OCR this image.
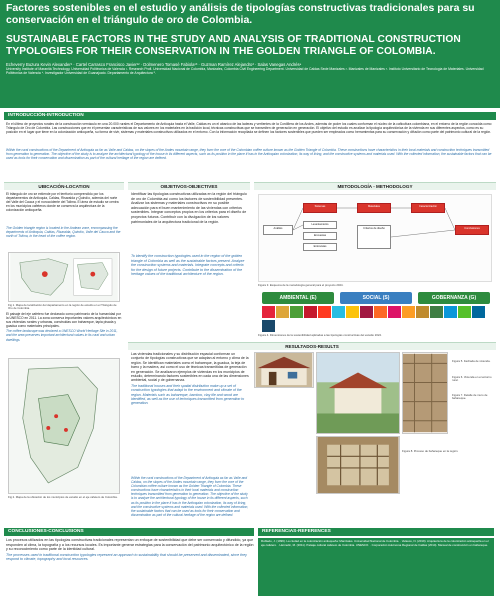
Factores sostenibles en el estudio y análisis de tipologías constructivas tradicionales para su conservación en el triángulo de oro de Colombia.
SUSTAINABLE FACTORS IN THE STUDY AND ANALYSIS OF TRADITIONAL CONSTRUCTION TYPOLOGIES FOR THEIR CONSERVATION IN THE GOLDEN TRIANGLE OF COLOMBIA.
Echeverry Buzura Kevin Alexander¹ · Cartel Carrasco Francisco Javier¹² · Dolmenero Tomasé Fabiola¹³ · Guzman Ramírez Alejandro³ · Salas Vanegas Andrés⁴
University Institute of Maranitá Technology, Universidad Politécnica de Valencia ¹. Research Profl. Universidad Nacional de Colombia, Manizales, Colombia Civil Engineering Department. Universidad de Caldas Sede Manizales ². Manizales de Manizales ³. Instituto Universitario de Tecnología de Materiales. Universidad Politécnica de Valencia ⁴. Investigador Universidad de Guanajuato. Departamento de Arquitectura ⁵.
INTRODUCCIÓN-INTRODUCTION

En el último de proyectos rurales de la construcción vernáculo en una 20.000 rurales el Departamento de Antioquia hasta el Valle, Caldas es un el abanico de las laderas y vertientes de la Cordillera de los Andes, además de poder los cuales conforman el núcleo de la caficultura colombiana, en el entorno de la región conocida como Triángulo de Oro de Colombia. Las construcciones que en él presentan características de sus valores en los materiales en la tradición local, técnicas constructivas que se transmiten de generación en generación. El objetivo del estudio es analizar la tipología arquitectónica de la vivienda en sus diferentes aspectos, como es su posición en el lugar que tiene en la colonización antioqueña, su forma de vivir, sistemas y materiales constructivos utilizados en el entorno. Con la información recopilada se definen los factores sostenibles que pueden ser empleados como herramientas para su conservación y difusión como parte del patrimonio cultural de la región.

Within the rural constructions of the Department of Antioquia as far as Valle and Caldas, on the slopes of the Andes mountain range, they form the core of the Colombian coffee culture known as the Golden Triangle of Colombia. These constructions have characteristics in their local materials and construction techniques transmitted from generation to generation. The objective of the study is to analyze the architectural typology of the house in its different aspects, such as its position in the place it has in the Antioquian colonization, its way of living, and the constructive systems and materials used. With the collected information, the sustainable factors that can be used as tools for their conservation and dissemination as part of the cultural heritage of the region are defined.

UBICACIÓN-LOCATION

El triángulo de oro se extiende por el territorio comprendido por los departamentos de Antioquia, Caldas, Risaralda y Quindío, además del norte del Valle del Cauca y el noroccidente del Tolima. El área de estudio se centra en los municipios cafeteros donde se conserva la arquitectura de la colonización antioqueña.

The Golden triangle region is located in the Andean zone, encompassing the departments of Antioquia, Caldas, Risaralda, Quindío, Valle del Cauca and the north of Tolima, in the heart of the coffee region.

Fig 1. Mapa de localización del departamento en la región de estudio en el Triángulo de Oro de Colombia.

El paisaje del eje cafetero fue declarado como patrimonio de la humanidad por la UNESCO en 2011. La zona conserva importantes valores arquitectónicos en sus viviendas rurales y urbanas, construidas con bahareque, tapia pisada y guadua como materiales principales.

The coffee landscape was declared a UNESCO World Heritage Site in 2011, and the area preserves important architectural values in its rural and urban dwellings.

Fig 2. Mapa de la ubicación de los municipios de estudio en el eje cafetero de Colombia.
OBJETIVOS-OBJECTIVES

Identificar las tipologías constructivas utilizadas en la región del triángulo de oro de Colombia así como los factores de sostenibilidad presentes. Analizar los sistemas y materiales constructivos en su posible adecuación para el buen mantenimiento de las viviendas con criterios sostenibles. Integrar conceptos propios en los criterios para el diseño de proyectos futuros. Contribuir con la divulgación de los valores patrimoniales de la arquitectura tradicional de la región.

To identify the construction typologies used in the region of the golden triangle of Colombia as well as the sustainable factors present. Analyze the construction systems and materials. Integrate concepts and criteria for the design of future projects. Contribute to the dissemination of the heritage values of the traditional architecture of the region.

METODOLOGÍA - METHODOLOGY
Análisis
Sistemas	Materiales	Caracterización
Levantamiento
Encuestas
Entrevistas
Criterios de diseño	Conclusiones
Figura 3. Esquema de la metodología general para el proyecto 2024.
AMBIENTAL (E)	SOCIAL (S)	GOBERNANZA (G)
Figura 4. Dimensiones de la sostenibilidad aplicadas a las tipologías constructivas del estudio 2024.
RESULTADOS-RESULTS

Las viviendas tradicionales y su distribución espacial conforman un conjunto de tipologías constructivas que se adaptan al entorno y clima de la región. Se identifican materiales como el bahareque, la guadua, la teja de barro y la madera, así como el uso de técnicas transmitidas de generación en generación. Se analizaron ejemplos de viviendas en los municipios de estudio, determinando factores sostenibles en cada una de las dimensiones ambiental, social y de gobernanza.

The traditional houses and their spatial distribution make up a set of construction typologies that adapt to the environment and climate of the region. Materials such as bahareque, bamboo, clay tile and wood are identified, as well as the use of techniques transmitted from generation to generation.

Figura 5. Fachada de vivienda.
Figura 6. Vivienda en el entorno rural.
Figura 7. Detalle de muro de bahareque.
Figura 8. Proceso de bahareque en la región.

Within the rural constructions of the Department of Antioquia as far as Valle and Caldas, on the slopes of the Andes mountain range, they form the core of the Colombian coffee culture known as the Golden Triangle of Colombia. These constructions have characteristics in their local materials and construction techniques transmitted from generation to generation. The objective of the study is to analyze the architectural typology of the house in its different aspects, such as its position in the place it has in the Antioquian colonization, its way of living, and the constructive systems and materials used. With the collected information, the sustainable factors that can be used as tools for their conservation and dissemination as part of the cultural heritage of the region are defined.

CONCLUSIONES-CONCLUSIONS

Los procesos utilizados en las tipologías constructivas tradicionales representan un enfoque de sostenibilidad que debe ser conservado y difundido, ya que responden al clima, la topografía y a los recursos locales. Es importante generar estrategias para la conservación del patrimonio arquitectónico de la región y su reconocimiento como parte de la identidad cultural.

The processes used in traditional construction typologies represent an approach to sustainability that should be preserved and disseminated, since they respond to climate, topography and local resources.

REFERENCIAS-REFERENCES

Robledo, J. (1996). La ciudad en la colonización antioqueña: Manizales. Universidad Nacional de Colombia. · Velasco, N. (2019). Arquitectura de la colonización antioqueña en el eje cafetero. · Hermelin, M. (2011). Paisaje cultural cafetero de Colombia. UNESCO. · Corporación Autónoma Regional de Caldas (2014). Manual de construcción en bahareque.
